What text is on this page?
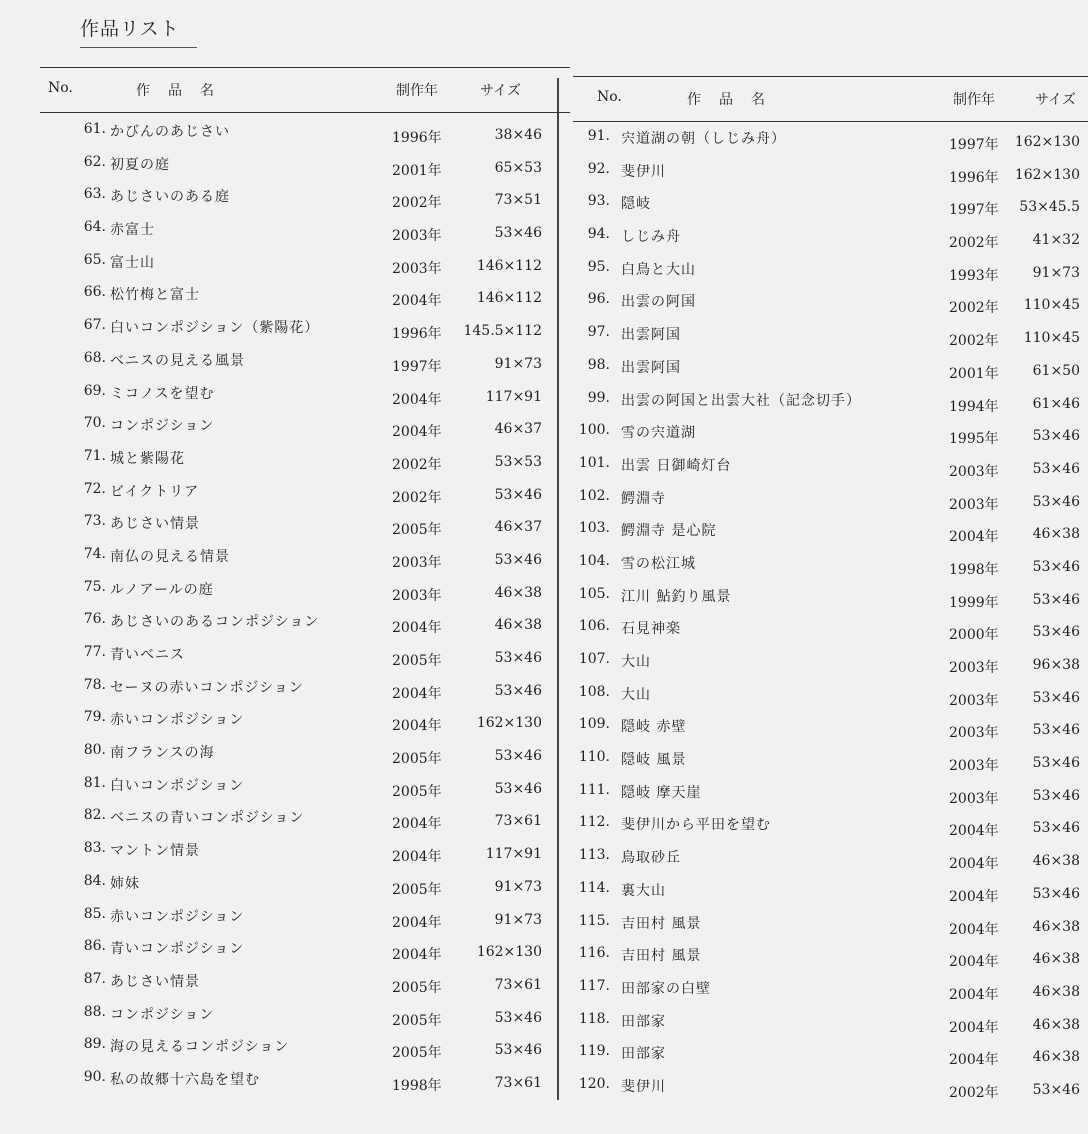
作品リスト
No.	作　品　名	制作年	サイズ
61. かびんのあじさい	1996年	38×46
62. 初夏の庭	2001年	65×53
63. あじさいのある庭	2002年	73×51
64. 赤富士	2003年	53×46
65. 富士山	2003年	146×112
66. 松竹梅と富士	2004年	146×112
67. 白いコンポジション（紫陽花）	1996年 145.5×112
68. ベニスの見える風景	1997年	91×73
69. ミコノスを望む	2004年	117×91
70. コンポジション	2004年	46×37
71. 城と紫陽花	2002年	53×53
72. ビイクトリア	2002年	53×46
73. あじさい情景	2005年	46×37
74. 南仏の見える情景	2003年	53×46
75. ルノアールの庭	2003年	46×38
76. あじさいのあるコンポジション	2004年	46×38
77. 青いベニス	2005年	53×46
78. セーヌの赤いコンポジション	2004年	53×46
79. 赤いコンポジション	2004年	162×130
80. 南フランスの海	2005年	53×46
81. 白いコンポジション	2005年	53×46
82. ベニスの青いコンポジション	2004年	73×61
83. マントン情景	2004年	117×91
84. 姉妹	2005年	91×73
85. 赤いコンポジション	2004年	91×73
86. 青いコンポジション	2004年	162×130
87. あじさい情景	2005年	73×61
88. コンポジション	2005年	53×46
89. 海の見えるコンポジション	2005年	53×46
90. 私の故郷十六島を望む	1998年	73×61
No.	作　品　名	制作年	サイズ
91. 宍道湖の朝（しじみ舟）	1997年 162×130
92. 斐伊川	1996年 162×130
93. 隠岐	1997年 53×45.5
94. しじみ舟	2002年 41×32
95. 白鳥と大山	1993年 91×73
96. 出雲の阿国	2002年 110×45
97. 出雲阿国	2002年 110×45
98. 出雲阿国	2001年 61×50
99. 出雲の阿国と出雲大社（記念切手）	1994年 61×46
100. 雪の宍道湖	1995年 53×46
101. 出雲 日御崎灯台	2003年 53×46
102. 鰐淵寺	2003年 53×46
103. 鰐淵寺 是心院	2004年 46×38
104. 雪の松江城	1998年 53×46
105. 江川 鮎釣り風景	1999年 53×46
106. 石見神楽	2000年 53×46
107. 大山	2003年 96×38
108. 大山	2003年 53×46
109. 隠岐 赤壁	2003年 53×46
110. 隠岐 風景	2003年 53×46
111. 隠岐 摩天崖	2003年 53×46
112. 斐伊川から平田を望む	2004年 53×46
113. 鳥取砂丘	2004年 46×38
114. 裏大山	2004年 53×46
115. 吉田村 風景	2004年 46×38
116. 吉田村 風景	2004年 46×38
117. 田部家の白壁	2004年 46×38
118. 田部家	2004年 46×38
119. 田部家	2004年 46×38
120. 斐伊川	2002年 53×46
